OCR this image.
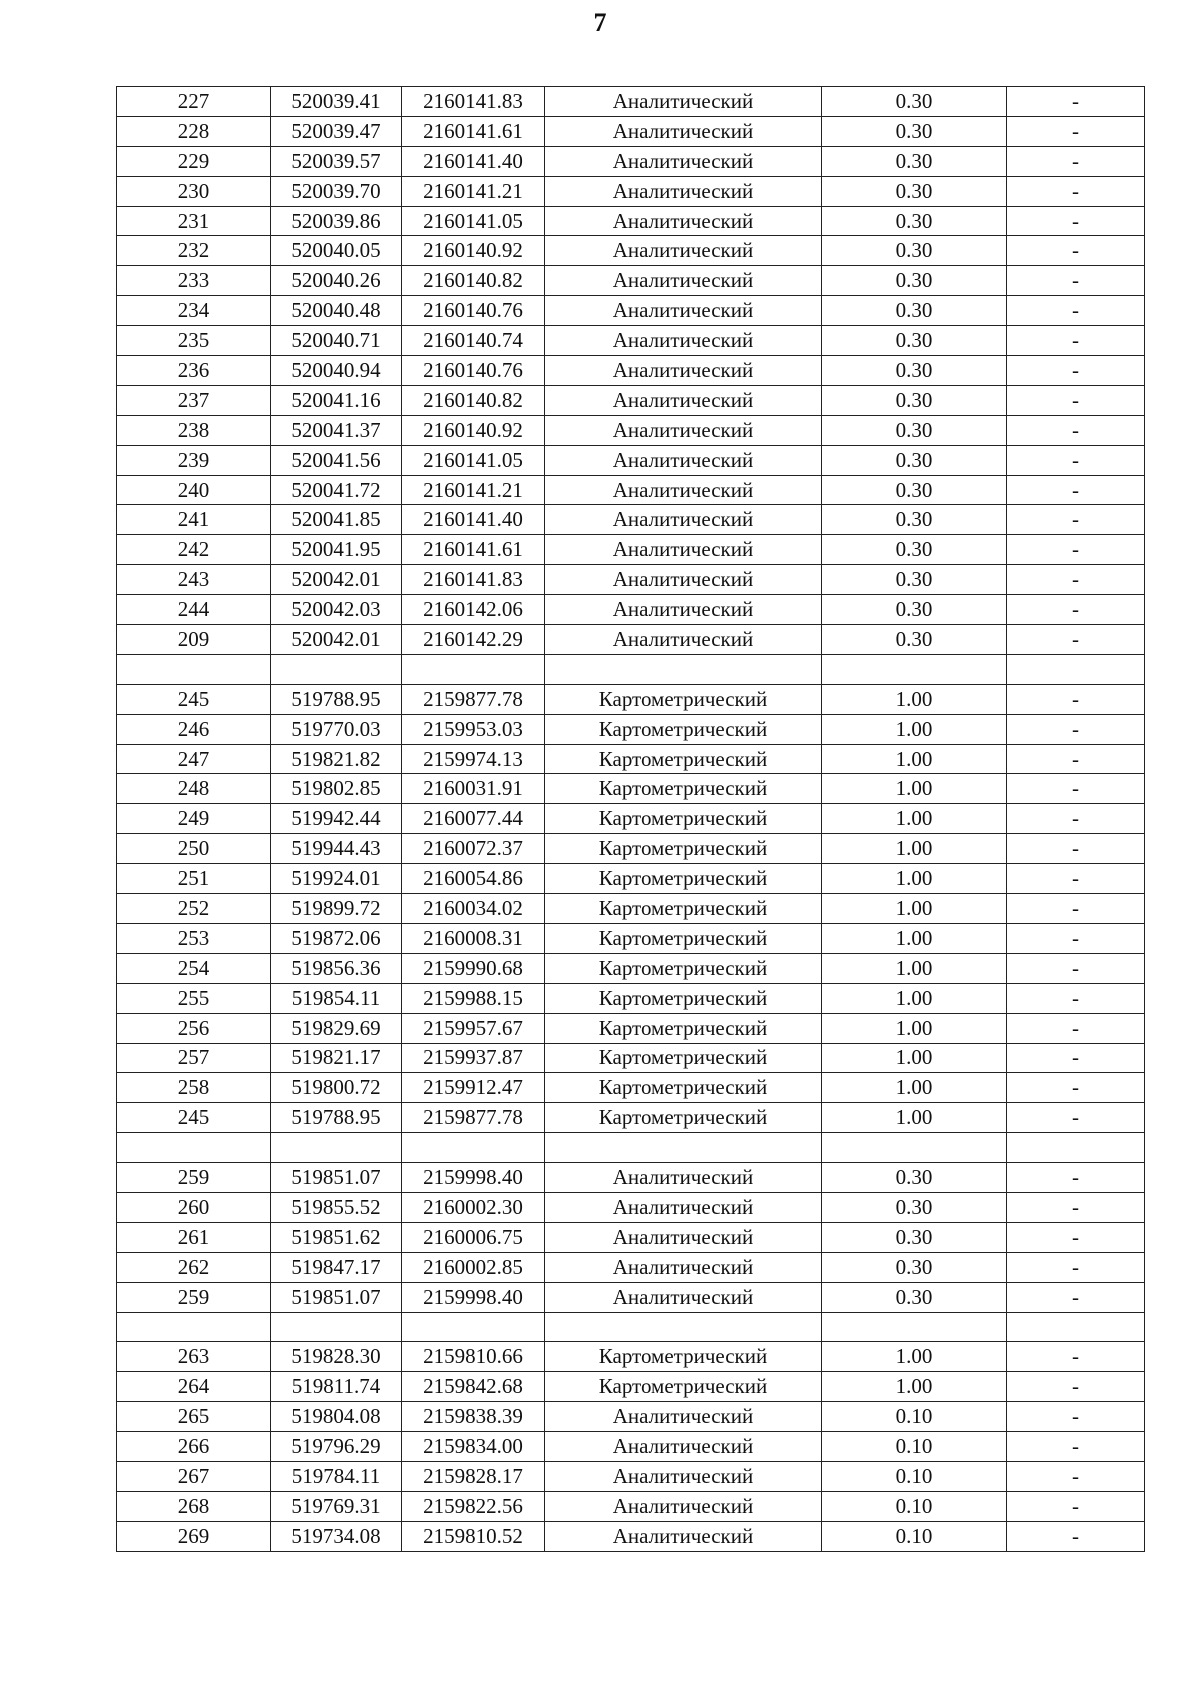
7
227	520039.41	2160141.83	Аналитический	0.30	-
228	520039.47	2160141.61	Аналитический	0.30	-
229	520039.57	2160141.40	Аналитический	0.30	-
230	520039.70	2160141.21	Аналитический	0.30	-
231	520039.86	2160141.05	Аналитический	0.30	-
232	520040.05	2160140.92	Аналитический	0.30	-
233	520040.26	2160140.82	Аналитический	0.30	-
234	520040.48	2160140.76	Аналитический	0.30	-
235	520040.71	2160140.74	Аналитический	0.30	-
236	520040.94	2160140.76	Аналитический	0.30	-
237	520041.16	2160140.82	Аналитический	0.30	-
238	520041.37	2160140.92	Аналитический	0.30	-
239	520041.56	2160141.05	Аналитический	0.30	-
240	520041.72	2160141.21	Аналитический	0.30	-
241	520041.85	2160141.40	Аналитический	0.30	-
242	520041.95	2160141.61	Аналитический	0.30	-
243	520042.01	2160141.83	Аналитический	0.30	-
244	520042.03	2160142.06	Аналитический	0.30	-
209	520042.01	2160142.29	Аналитический	0.30	-

245	519788.95	2159877.78	Картометрический	1.00	-
246	519770.03	2159953.03	Картометрический	1.00	-
247	519821.82	2159974.13	Картометрический	1.00	-
248	519802.85	2160031.91	Картометрический	1.00	-
249	519942.44	2160077.44	Картометрический	1.00	-
250	519944.43	2160072.37	Картометрический	1.00	-
251	519924.01	2160054.86	Картометрический	1.00	-
252	519899.72	2160034.02	Картометрический	1.00	-
253	519872.06	2160008.31	Картометрический	1.00	-
254	519856.36	2159990.68	Картометрический	1.00	-
255	519854.11	2159988.15	Картометрический	1.00	-
256	519829.69	2159957.67	Картометрический	1.00	-
257	519821.17	2159937.87	Картометрический	1.00	-
258	519800.72	2159912.47	Картометрический	1.00	-
245	519788.95	2159877.78	Картометрический	1.00	-

259	519851.07	2159998.40	Аналитический	0.30	-
260	519855.52	2160002.30	Аналитический	0.30	-
261	519851.62	2160006.75	Аналитический	0.30	-
262	519847.17	2160002.85	Аналитический	0.30	-
259	519851.07	2159998.40	Аналитический	0.30	-

263	519828.30	2159810.66	Картометрический	1.00	-
264	519811.74	2159842.68	Картометрический	1.00	-
265	519804.08	2159838.39	Аналитический	0.10	-
266	519796.29	2159834.00	Аналитический	0.10	-
267	519784.11	2159828.17	Аналитический	0.10	-
268	519769.31	2159822.56	Аналитический	0.10	-
269	519734.08	2159810.52	Аналитический	0.10	-
